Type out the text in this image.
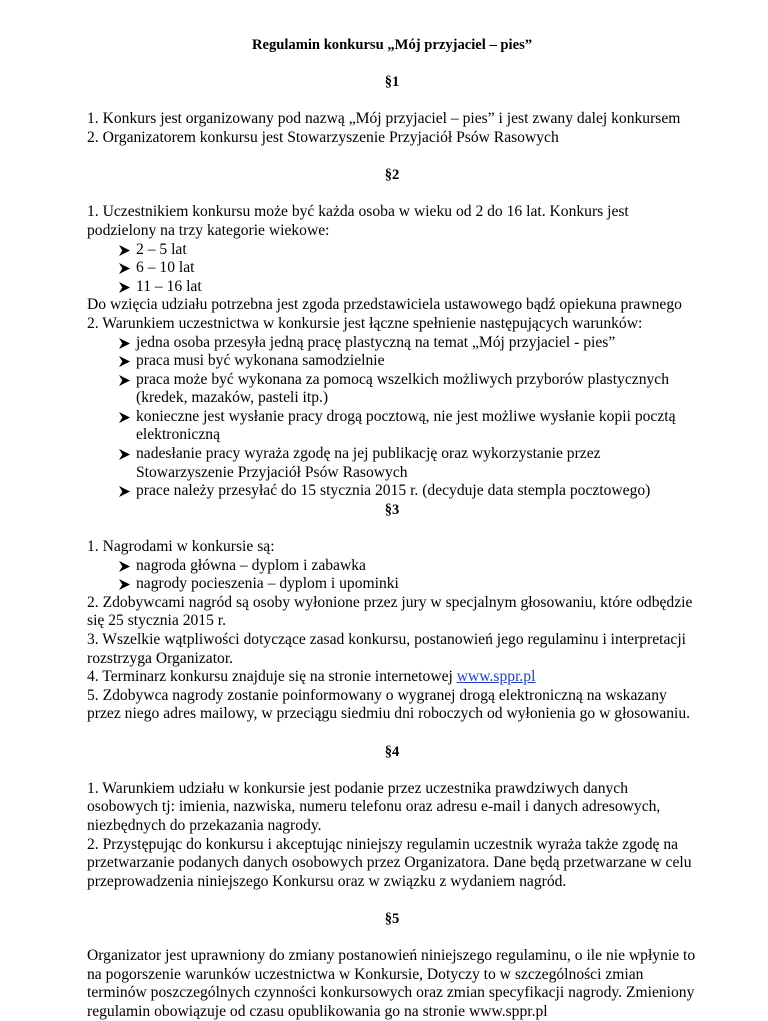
Regulamin konkursu „Mój przyjaciel – pies”
§1

1. Konkurs jest organizowany pod nazwą „Mój przyjaciel – pies” i jest zwany dalej konkursem

2. Organizatorem konkursu jest Stowarzyszenie Przyjaciół Psów Rasowych

§2

1. Uczestnikiem konkursu może być każda osoba w wieku od 2 do 16 lat. Konkurs jest podzielony na trzy kategorie wiekowe:

2 – 5 lat
6 – 10 lat
11 – 16 lat

Do wzięcia udziału potrzebna jest zgoda przedstawiciela ustawowego bądź opiekuna prawnego

2. Warunkiem uczestnictwa w konkursie jest łączne spełnienie następujących warunków:

jedna osoba przesyła jedną pracę plastyczną na temat „Mój przyjaciel - pies”
praca musi być wykonana samodzielnie
praca może być wykonana za pomocą wszelkich możliwych przyborów plastycznych (kredek, mazaków, pasteli itp.)
konieczne jest wysłanie pracy drogą pocztową, nie jest możliwe wysłanie kopii pocztą elektroniczną
nadesłanie pracy wyraża zgodę na jej publikację oraz wykorzystanie przez Stowarzyszenie Przyjaciół Psów Rasowych
prace należy przesyłać do 15 stycznia 2015 r. (decyduje data stempla pocztowego)
§3

1. Nagrodami w konkursie są:

nagroda główna – dyplom i zabawka
nagrody pocieszenia – dyplom i upominki

2. Zdobywcami nagród są osoby wyłonione przez jury w specjalnym głosowaniu, które odbędzie się 25 stycznia 2015 r.

3. Wszelkie wątpliwości dotyczące zasad konkursu, postanowień jego regulaminu i interpretacji rozstrzyga Organizator.

4. Terminarz konkursu znajduje się na stronie internetowej www.sppr.pl

5. Zdobywca nagrody zostanie poinformowany o wygranej drogą elektroniczną na wskazany przez niego adres mailowy, w przeciągu siedmiu dni roboczych od wyłonienia go w głosowaniu.

§4

1. Warunkiem udziału w konkursie jest podanie przez uczestnika prawdziwych danych osobowych tj: imienia, nazwiska, numeru telefonu oraz adresu e-mail i danych adresowych, niezbędnych do przekazania nagrody.

2. Przystępując do konkursu i akceptując niniejszy regulamin uczestnik wyraża także zgodę na przetwarzanie podanych danych osobowych przez Organizatora. Dane będą przetwarzane w celu przeprowadzenia niniejszego Konkursu oraz w związku z wydaniem nagród.

§5

Organizator jest uprawniony do zmiany postanowień niniejszego regulaminu, o ile nie wpłynie to na pogorszenie warunków uczestnictwa w Konkursie, Dotyczy to w szczególności zmian terminów poszczególnych czynności konkursowych oraz zmian specyfikacji nagrody. Zmieniony regulamin obowiązuje od czasu opublikowania go na stronie www.sppr.pl
